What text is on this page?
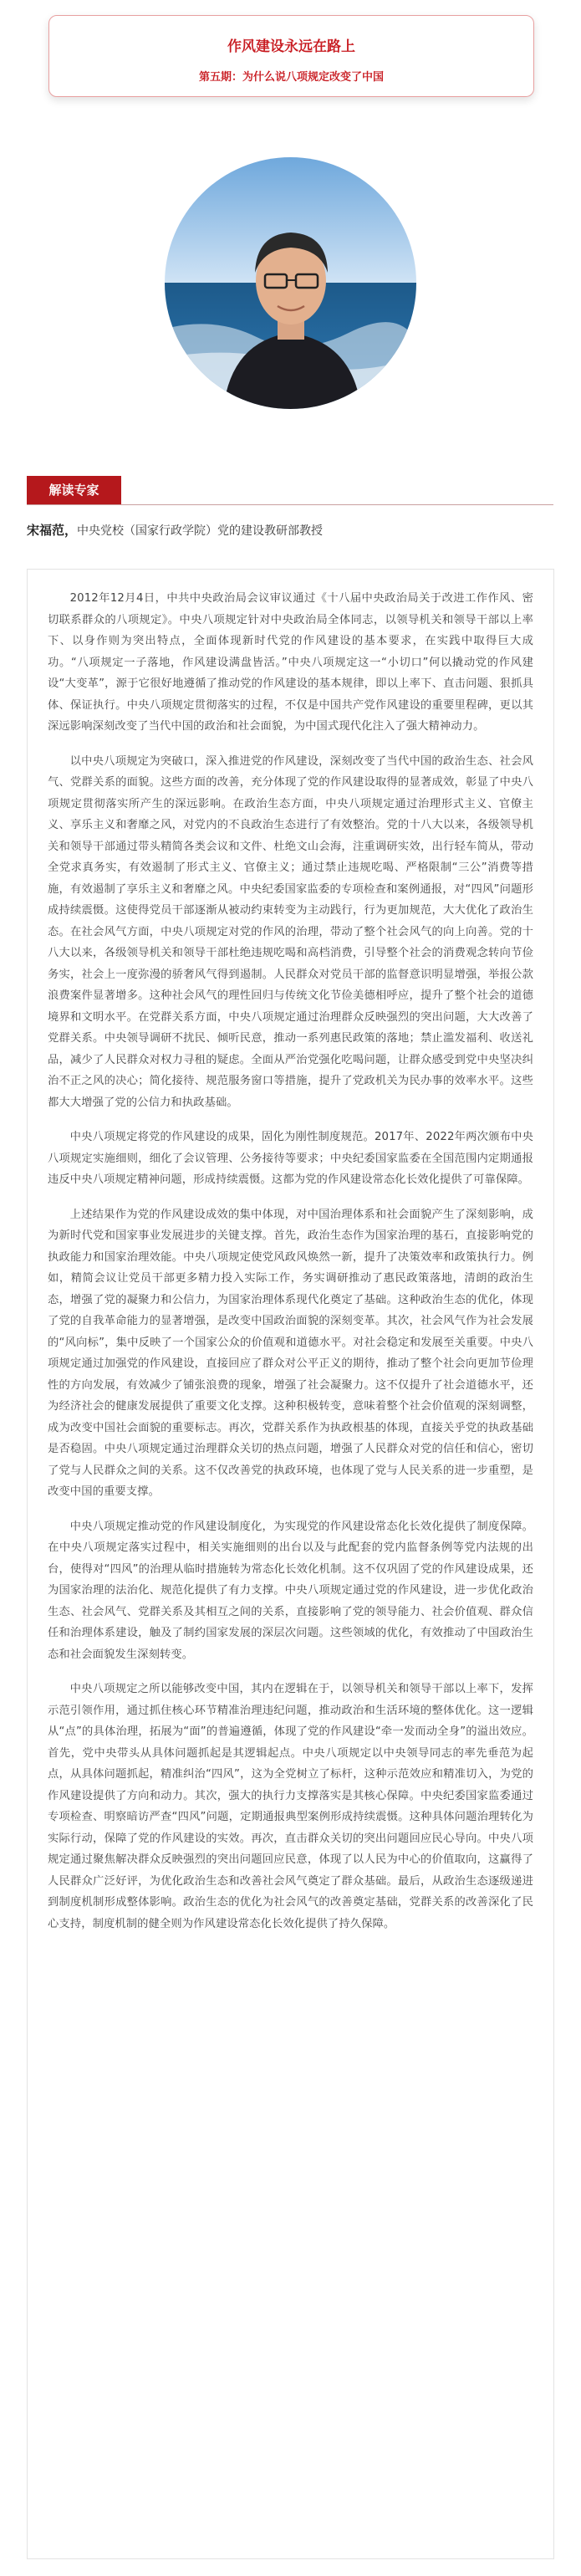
作风建设永远在路上
第五期：为什么说八项规定改变了中国
解读专家
宋福范，中央党校（国家行政学院）党的建设教研部教授

2012年12月4日，中共中央政治局会议审议通过《十八届中央政治局关于改进工作作风、密切联系群众的八项规定》。中央八项规定针对中央政治局全体同志，以领导机关和领导干部以上率下、以身作则为突出特点，全面体现新时代党的作风建设的基本要求，在实践中取得巨大成功。“八项规定一子落地，作风建设满盘皆活。”中央八项规定这一“小切口”何以撬动党的作风建设“大变革”，源于它很好地遵循了推动党的作风建设的基本规律，即以上率下、直击问题、狠抓具体、保证执行。中央八项规定贯彻落实的过程，不仅是中国共产党作风建设的重要里程碑，更以其深远影响深刻改变了当代中国的政治和社会面貌，为中国式现代化注入了强大精神动力。

以中央八项规定为突破口，深入推进党的作风建设，深刻改变了当代中国的政治生态、社会风气、党群关系的面貌。这些方面的改善，充分体现了党的作风建设取得的显著成效，彰显了中央八项规定贯彻落实所产生的深远影响。在政治生态方面，中央八项规定通过治理形式主义、官僚主义、享乐主义和奢靡之风，对党内的不良政治生态进行了有效整治。党的十八大以来，各级领导机关和领导干部通过带头精简各类会议和文件、杜绝文山会海，注重调研实效，出行轻车简从，带动全党求真务实，有效遏制了形式主义、官僚主义；通过禁止违规吃喝、严格限制“三公”消费等措施，有效遏制了享乐主义和奢靡之风。中央纪委国家监委的专项检查和案例通报，对“四风”问题形成持续震慑。这使得党员干部逐渐从被动约束转变为主动践行，行为更加规范，大大优化了政治生态。在社会风气方面，中央八项规定对党的作风的治理，带动了整个社会风气的向上向善。党的十八大以来，各级领导机关和领导干部杜绝违规吃喝和高档消费，引导整个社会的消费观念转向节俭务实，社会上一度弥漫的骄奢风气得到遏制。人民群众对党员干部的监督意识明显增强，举报公款浪费案件显著增多。这种社会风气的理性回归与传统文化节俭美德相呼应，提升了整个社会的道德境界和文明水平。在党群关系方面，中央八项规定通过治理群众反映强烈的突出问题，大大改善了党群关系。中央领导调研不扰民、倾听民意，推动一系列惠民政策的落地；禁止滥发福利、收送礼品，减少了人民群众对权力寻租的疑虑。全面从严治党强化吃喝问题，让群众感受到党中央坚决纠治不正之风的决心；简化接待、规范服务窗口等措施，提升了党政机关为民办事的效率水平。这些都大大增强了党的公信力和执政基础。

中央八项规定将党的作风建设的成果，固化为刚性制度规范。2017年、2022年两次颁布中央八项规定实施细则，细化了会议管理、公务接待等要求；中央纪委国家监委在全国范围内定期通报违反中央八项规定精神问题，形成持续震慑。这都为党的作风建设常态化长效化提供了可靠保障。

上述结果作为党的作风建设成效的集中体现，对中国治理体系和社会面貌产生了深刻影响，成为新时代党和国家事业发展进步的关键支撑。首先，政治生态作为国家治理的基石，直接影响党的执政能力和国家治理效能。中央八项规定使党风政风焕然一新，提升了决策效率和政策执行力。例如，精简会议让党员干部更多精力投入实际工作，务实调研推动了惠民政策落地，清朗的政治生态，增强了党的凝聚力和公信力，为国家治理体系现代化奠定了基础。这种政治生态的优化，体现了党的自我革命能力的显著增强，是改变中国政治面貌的深刻变革。其次，社会风气作为社会发展的“风向标”，集中反映了一个国家公众的价值观和道德水平。对社会稳定和发展至关重要。中央八项规定通过加强党的作风建设，直接回应了群众对公平正义的期待，推动了整个社会向更加节俭理性的方向发展，有效减少了铺张浪费的现象，增强了社会凝聚力。这不仅提升了社会道德水平，还为经济社会的健康发展提供了重要文化支撑。这种积极转变，意味着整个社会价值观的深刻调整，成为改变中国社会面貌的重要标志。再次，党群关系作为执政根基的体现，直接关乎党的执政基础是否稳固。中央八项规定通过治理群众关切的热点问题，增强了人民群众对党的信任和信心，密切了党与人民群众之间的关系。这不仅改善党的执政环境，也体现了党与人民关系的进一步重塑，是改变中国的重要支撑。

中央八项规定推动党的作风建设制度化，为实现党的作风建设常态化长效化提供了制度保障。在中央八项规定落实过程中，相关实施细则的出台以及与此配套的党内监督条例等党内法规的出台，使得对“四风”的治理从临时措施转为常态化长效化机制。这不仅巩固了党的作风建设成果，还为国家治理的法治化、规范化提供了有力支撑。中央八项规定通过党的作风建设，进一步优化政治生态、社会风气、党群关系及其相互之间的关系，直接影响了党的领导能力、社会价值观、群众信任和治理体系建设，触及了制约国家发展的深层次问题。这些领域的优化，有效推动了中国政治生态和社会面貌发生深刻转变。

中央八项规定之所以能够改变中国，其内在逻辑在于，以领导机关和领导干部以上率下，发挥示范引领作用，通过抓住核心环节精准治理违纪问题，推动政治和生活环境的整体优化。这一逻辑从“点”的具体治理，拓展为“面”的普遍遵循，体现了党的作风建设“牵一发而动全身”的溢出效应。首先，党中央带头从具体问题抓起是其逻辑起点。中央八项规定以中央领导同志的率先垂范为起点，从具体问题抓起，精准纠治“四风”，这为全党树立了标杆，这种示范效应和精准切入，为党的作风建设提供了方向和动力。其次，强大的执行力支撑落实是其核心保障。中央纪委国家监委通过专项检查、明察暗访严查“四风”问题，定期通报典型案例形成持续震慑。这种具体问题治理转化为实际行动，保障了党的作风建设的实效。再次，直击群众关切的突出问题回应民心导向。中央八项规定通过聚焦解决群众反映强烈的突出问题回应民意，体现了以人民为中心的价值取向，这赢得了人民群众广泛好评，为优化政治生态和改善社会风气奠定了群众基础。最后，从政治生态逐级递进到制度机制形成整体影响。政治生态的优化为社会风气的改善奠定基础，党群关系的改善深化了民心支持，制度机制的健全则为作风建设常态化长效化提供了持久保障。
